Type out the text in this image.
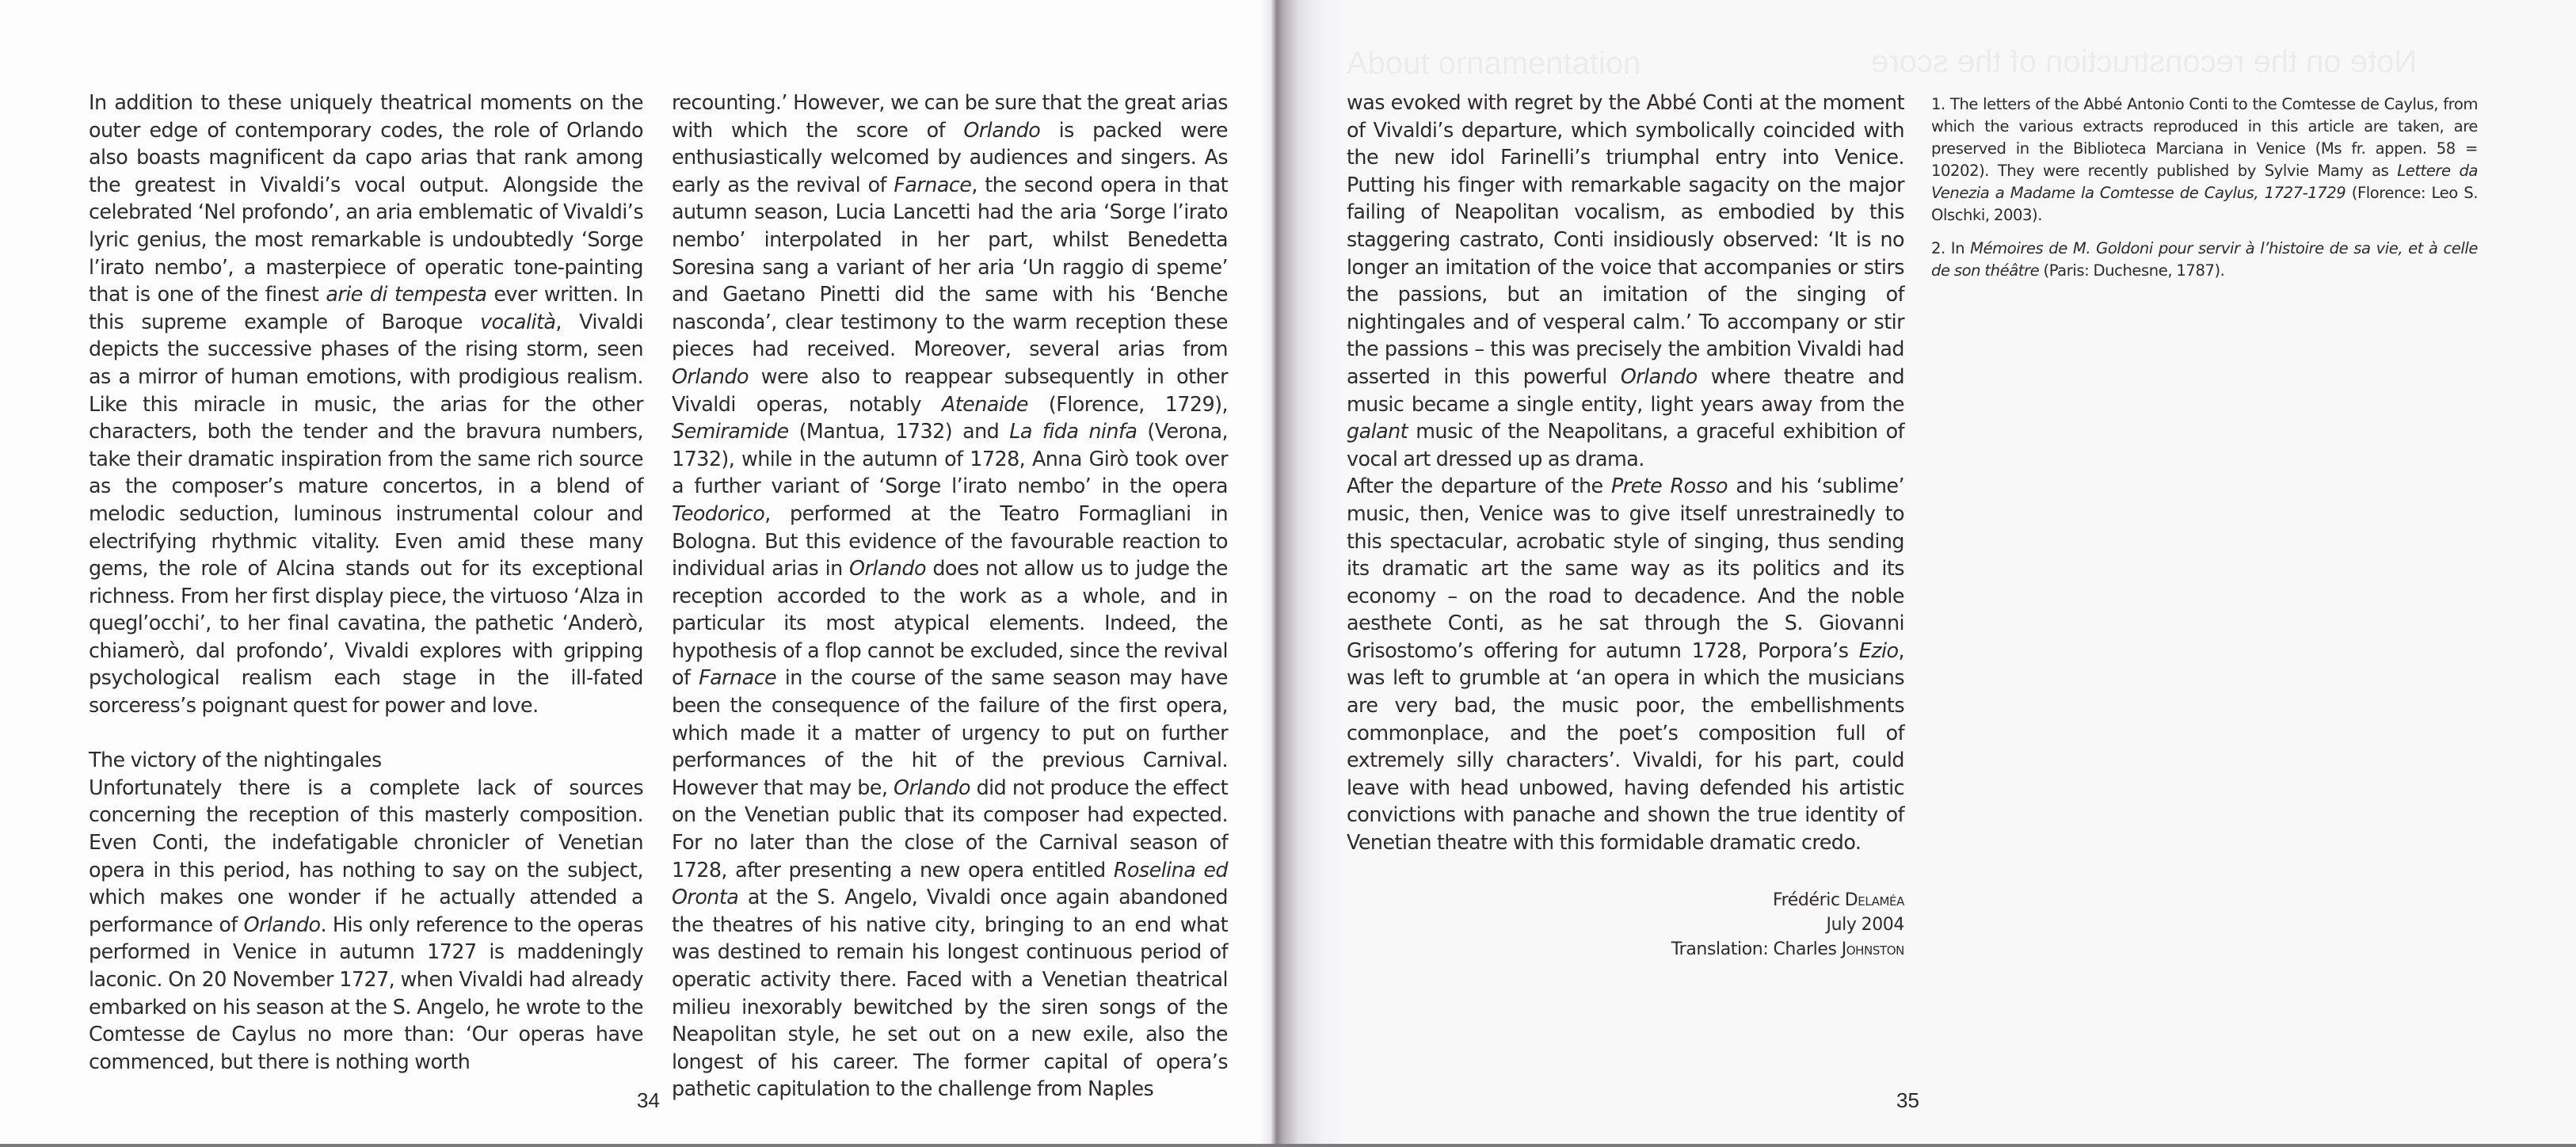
In addition to these uniquely theatrical moments on the outer edge of contemporary codes, the role of Orlando also boasts magnificent da capo arias that rank among the greatest in Vivaldi’s vocal output. Alongside the celebrated ‘Nel profondo’, an aria emblematic of Vivaldi’s lyric genius, the most remarkable is undoubtedly ‘Sorge l’irato nembo’, a masterpiece of operatic tone-painting that is one of the finest arie di tempesta ever written. In this supreme example of Baroque vocalità, Vivaldi depicts the successive phases of the rising storm, seen as a mirror of human emotions, with prodigious realism. Like this miracle in music, the arias for the other characters, both the tender and the bravura numbers, take their dramatic inspiration from the same rich source as the composer’s mature concertos, in a blend of melodic seduction, luminous instrumental colour and electrifying rhythmic vitality. Even amid these many gems, the role of Alcina stands out for its exceptional richness. From her first display piece, the virtuoso ‘Alza in quegl’occhi’, to her final cavatina, the pathetic ‘Anderò, chiamerò, dal profondo’, Vivaldi explores with gripping psychological realism each stage in the ill-fated sorceress’s poignant quest for power and love.

The victory of the nightingales

Unfortunately there is a complete lack of sources concerning the reception of this masterly composition. Even Conti, the indefatigable chronicler of Venetian opera in this period, has nothing to say on the subject, which makes one wonder if he actually attended a performance of Orlando. His only reference to the operas performed in Venice in autumn 1727 is maddeningly laconic. On 20 November 1727, when Vivaldi had already embarked on his season at the S. Angelo, he wrote to the Comtesse de Caylus no more than: ‘Our operas have commenced, but there is nothing worth

recounting.’ However, we can be sure that the great arias with which the score of Orlando is packed were enthusiastically welcomed by audiences and singers. As early as the revival of Farnace, the second opera in that autumn season, Lucia Lancetti had the aria ‘Sorge l’irato nembo’ interpolated in her part, whilst Benedetta Soresina sang a variant of her aria ‘Un raggio di speme’ and Gaetano Pinetti did the same with his ‘Benche nasconda’, clear testimony to the warm reception these pieces had received. Moreover, several arias from Orlando were also to reappear subsequently in other Vivaldi operas, notably Atenaide (Florence, 1729), Semiramide (Mantua, 1732) and La fida ninfa (Verona, 1732), while in the autumn of 1728, Anna Girò took over a further variant of ‘Sorge l’irato nembo’ in the opera Teodorico, performed at the Teatro Formagliani in Bologna. But this evidence of the favourable reaction to individual arias in Orlando does not allow us to judge the reception accorded to the work as a whole, and in particular its most atypical elements. Indeed, the hypothesis of a flop cannot be excluded, since the revival of Farnace in the course of the same season may have been the consequence of the failure of the first opera, which made it a matter of urgency to put on further performances of the hit of the previous Carnival. However that may be, Orlando did not produce the effect on the Venetian public that its composer had expected. For no later than the close of the Carnival season of 1728, after presenting a new opera entitled Roselina ed Oronta at the S. Angelo, Vivaldi once again abandoned the theatres of his native city, bringing to an end what was destined to remain his longest continuous period of operatic activity there. Faced with a Venetian theatrical milieu inexorably bewitched by the siren songs of the Neapolitan style, he set out on a new exile, also the longest of his career. The former capital of opera’s pathetic capitulation to the challenge from Naples

34

was evoked with regret by the Abbé Conti at the moment of Vivaldi’s departure, which symbolically coincided with the new idol Farinelli’s triumphal entry into Venice. Putting his finger with remarkable sagacity on the major failing of Neapolitan vocalism, as embodied by this staggering castrato, Conti insidiously observed: ‘It is no longer an imitation of the voice that accompanies or stirs the passions, but an imitation of the singing of nightingales and of vesperal calm.’ To accompany or stir the passions – this was precisely the ambition Vivaldi had asserted in this powerful Orlando where theatre and music became a single entity, light years away from the galant music of the Neapolitans, a graceful exhibition of vocal art dressed up as drama.

After the departure of the Prete Rosso and his ‘sublime’ music, then, Venice was to give itself unrestrainedly to this spectacular, acrobatic style of singing, thus sending its dramatic art the same way as its politics and its economy – on the road to decadence. And the noble aesthete Conti, as he sat through the S. Giovanni Grisostomo’s offering for autumn 1728, Porpora’s Ezio, was left to grumble at ‘an opera in which the musicians are very bad, the music poor, the embellishments commonplace, and the poet’s composition full of extremely silly characters’. Vivaldi, for his part, could leave with head unbowed, having defended his artistic convictions with panache and shown the true identity of Venetian theatre with this formidable dramatic credo.

Frédéric Delaméa
July 2004
Translation: Charles Johnston

1. The letters of the Abbé Antonio Conti to the Comtesse de Caylus, from which the various extracts reproduced in this article are taken, are preserved in the Biblioteca Marciana in Venice (Ms fr. appen. 58 = 10202). They were recently published by Sylvie Mamy as Lettere da Venezia a Madame la Comtesse de Caylus, 1727-1729 (Florence: Leo S. Olschki, 2003).

2. In Mémoires de M. Goldoni pour servir à l’histoire de sa vie, et à celle de son théâtre (Paris: Duchesne, 1787).

35
